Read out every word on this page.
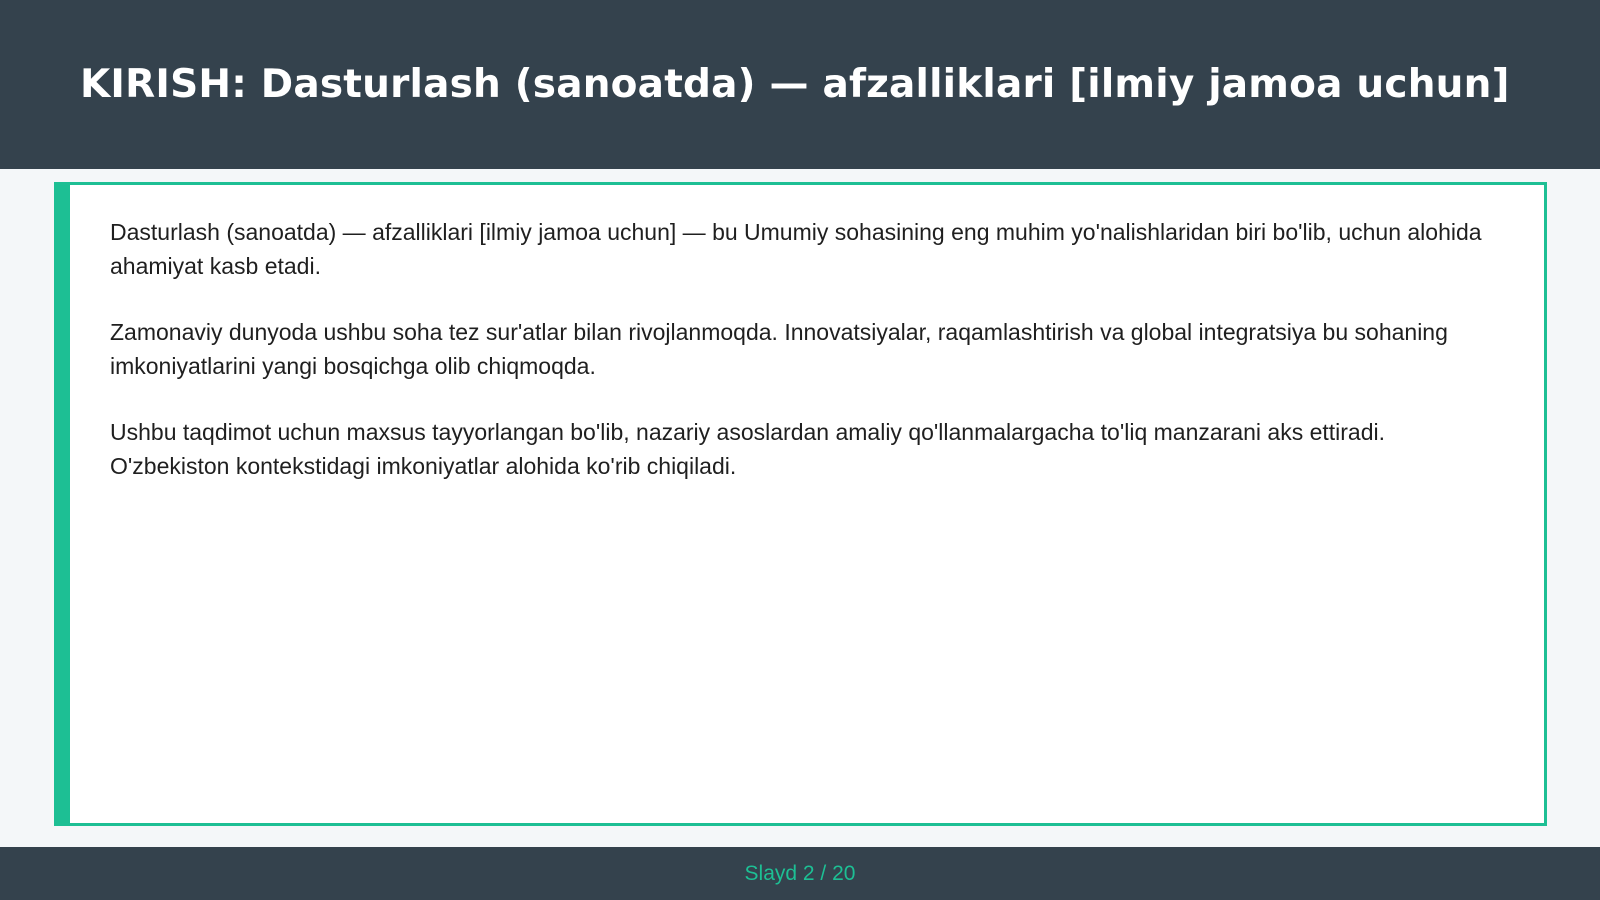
KIRISH: Dasturlash (sanoatda) — afzalliklari [ilmiy jamoa uchun]

Dasturlash (sanoatda) — afzalliklari [ilmiy jamoa uchun] — bu Umumiy sohasining eng muhim yo'nalishlaridan biri bo'lib, uchun alohida ahamiyat kasb etadi.

Zamonaviy dunyoda ushbu soha tez sur'atlar bilan rivojlanmoqda. Innovatsiyalar, raqamlashtirish va global integratsiya bu sohaning imkoniyatlarini yangi bosqichga olib chiqmoqda.

Ushbu taqdimot uchun maxsus tayyorlangan bo'lib, nazariy asoslardan amaliy qo'llanmalargacha to'liq manzarani aks ettiradi. O'zbekiston kontekstidagi imkoniyatlar alohida ko'rib chiqiladi.

Slayd 2 / 20
